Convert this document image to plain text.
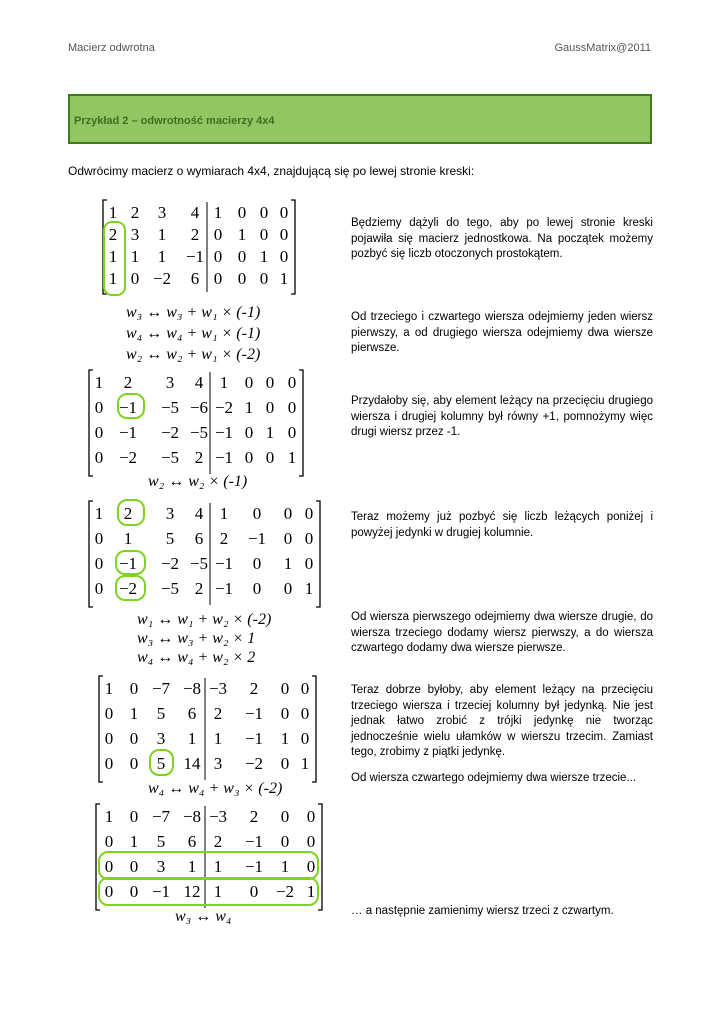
Macierz odwrotna	GaussMatrix@2011
Przykład 2 – odwrotność macierzy 4x4
Odwrócimy macierz o wymiarach 4x4, znajdującą się po lewej stronie kreski:
Będziemy dążyli do tego, aby po lewej stronie kreski pojawiła się macierz jednostkowa. Na początek możemy pozbyć się liczb otoczonych prostokątem.
Od trzeciego i czwartego wiersza odejmiemy jeden wiersz pierwszy, a od drugiego wiersza odejmiemy dwa wiersze pierwsze.
Przydałoby się, aby element leżący na przecięciu drugiego wiersza i drugiej kolumny był równy +1, pomnożymy więc drugi wiersz przez -1.
Teraz możemy już pozbyć się liczb leżących poniżej i powyżej jedynki w drugiej kolumnie.
Od wiersza pierwszego odejmiemy dwa wiersze drugie, do wiersza trzeciego dodamy wiersz pierwszy, a do wiersza czwartego dodamy dwa wiersze pierwsze.
Teraz dobrze byłoby, aby element leżący na przecięciu trzeciego wiersza i trzeciej kolumny był jedynką. Nie jest jednak łatwo zrobić z trójki jedynkę nie tworząc jednocześnie wielu ułamków w wierszu trzecim. Zamiast tego, zrobimy z piątki jedynkę.
Od wiersza czwartego odejmiemy dwa wiersze trzecie...
… a następnie zamienimy wiersz trzeci z czwartym.
1 2 3 4 1 0 0 0
2 3 1 2 0 1 0 0
1 1 1 −1 0 0 1 0
1 0 −2 6 0 0 0 1
1 2 3 4 1 0 0 0
0 −1 −5 −6 −2 1 0 0
0 −1 −2 −5 −1 0 1 0
0 −2 −5 2 −1 0 0 1
1 2 3 4 1 0 0 0
0 1 5 6 2 −1 0 0
0 −1 −2 −5 −1 0 1 0
0 −2 −5 2 −1 0 0 1
1 0 −7 −8 −3 2 0 0
0 1 5 6 2 −1 0 0
0 0 3 1 1 −1 1 0
0 0 5 14 3 −2 0 1
1 0 −7 −8 −3 2 0 0
0 1 5 6 2 −1 0 0
0 0 3 1 1 −1 1 0
0 0 −1 12 1 0 −2 1
w₃ ↔ w₃ + w₁ × (-1)
w₄ ↔ w₄ + w₁ × (-1)
w₂ ↔ w₂ + w₁ × (-2)
w₂ ↔ w₂ × (-1)
w₁ ↔ w₁ + w₂ × (-2)
w₃ ↔ w₃ + w₂ × 1
w₄ ↔ w₄ + w₂ × 2
w₄ ↔ w₄ + w₃ × (-2)
w₃ ↔ w₄
